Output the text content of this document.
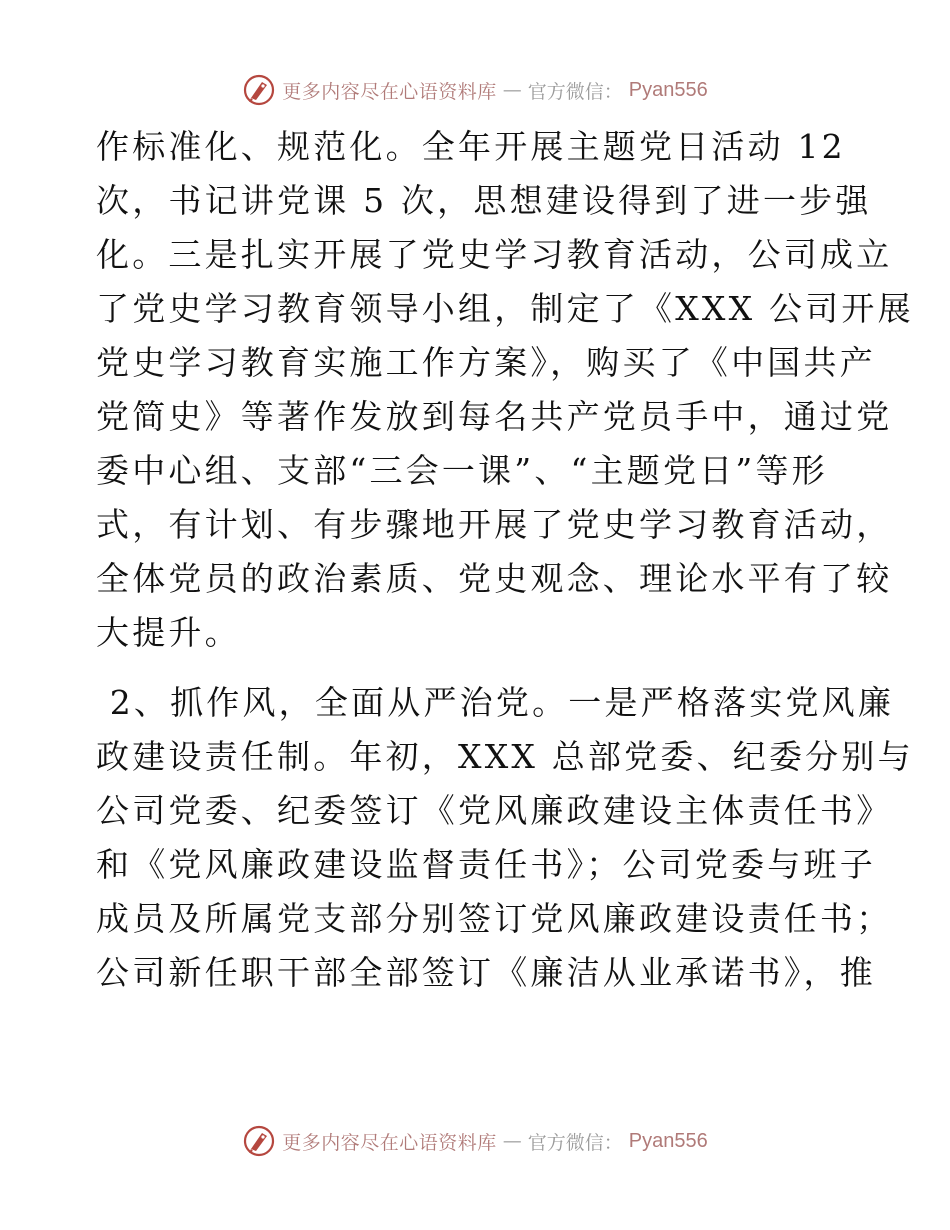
更多内容尽在心语资料库 — 官方微信： Pyan556
作标准化、规范化。全年开展主题党日活动 12
次，书记讲党课 5 次，思想建设得到了进一步强
化。三是扎实开展了党史学习教育活动，公司成立
了党史学习教育领导小组，制定了《XXX 公司开展
党史学习教育实施工作方案》，购买了《中国共产
党简史》等著作发放到每名共产党员手中，通过党
委中心组、支部“三会一课”、“主题党日”等形
式，有计划、有步骤地开展了党史学习教育活动，
全体党员的政治素质、党史观念、理论水平有了较
大提升。
2、抓作风，全面从严治党。一是严格落实党风廉
政建设责任制。年初，XXX 总部党委、纪委分别与
公司党委、纪委签订《党风廉政建设主体责任书》
和《党风廉政建设监督责任书》；公司党委与班子
成员及所属党支部分别签订党风廉政建设责任书；
公司新任职干部全部签订《廉洁从业承诺书》，推
更多内容尽在心语资料库 — 官方微信： Pyan556
